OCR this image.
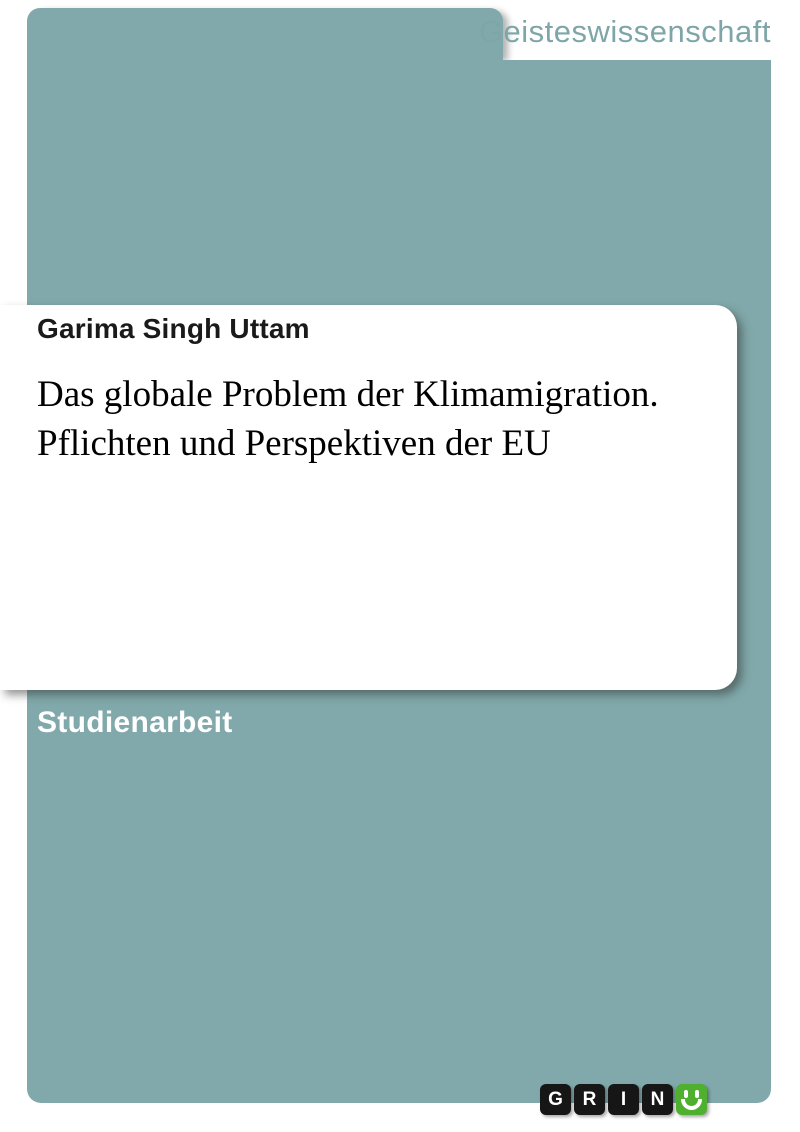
Geisteswissenschaft
Garima Singh Uttam
Das globale Problem der Klimamigration. Pflichten und Perspektiven der EU
Studienarbeit
G R I N
